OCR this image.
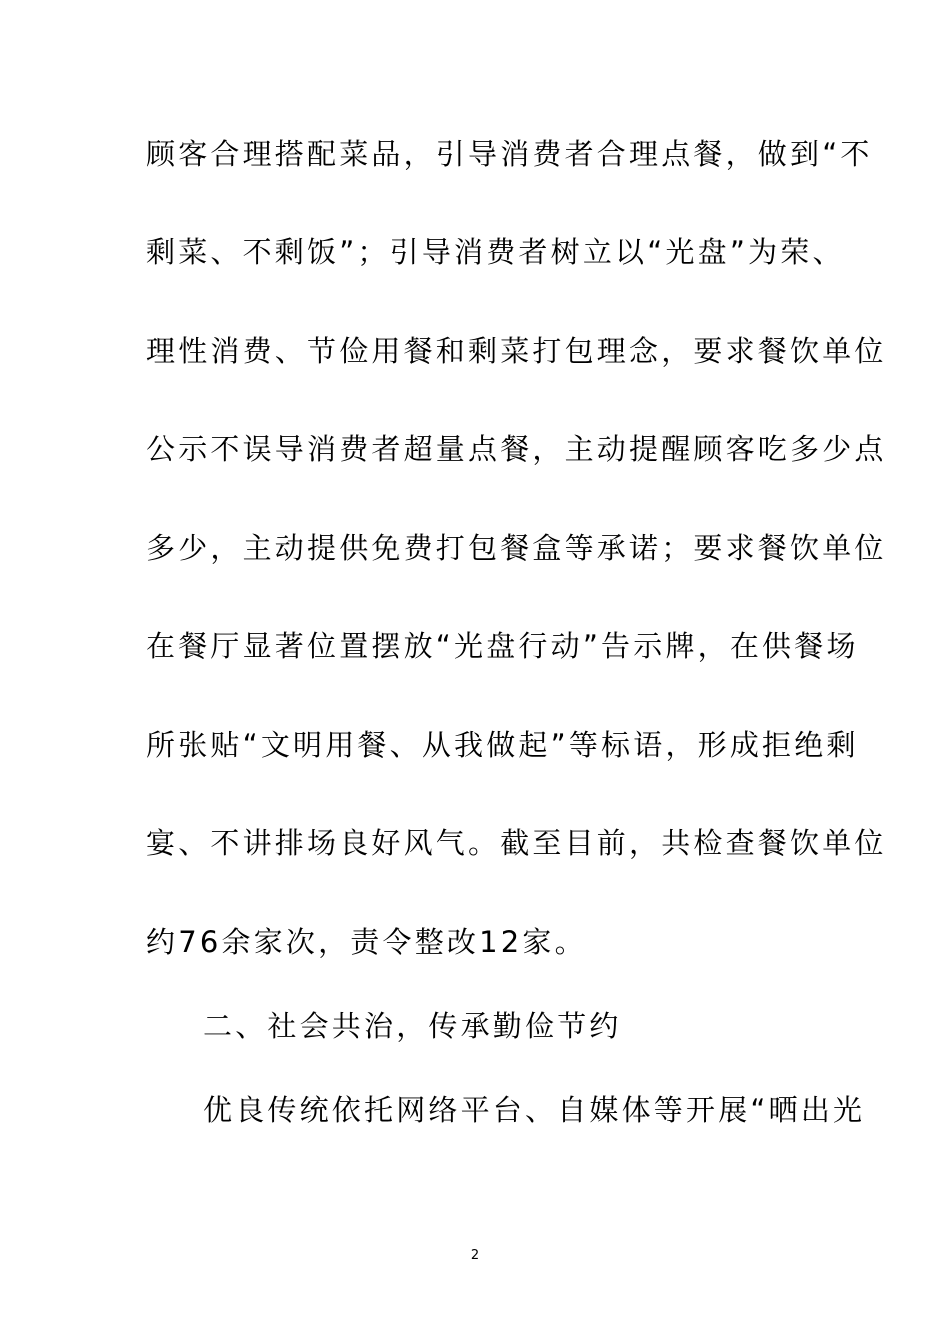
顾客合理搭配菜品，引导消费者合理点餐，做到“不
剩菜、不剩饭”；引导消费者树立以“光盘”为荣、
理性消费、节俭用餐和剩菜打包理念，要求餐饮单位
公示不误导消费者超量点餐，主动提醒顾客吃多少点
多少，主动提供免费打包餐盒等承诺；要求餐饮单位
在餐厅显著位置摆放“光盘行动”告示牌，在供餐场
所张贴“文明用餐、从我做起”等标语，形成拒绝剩
宴、不讲排场良好风气。截至目前，共检查餐饮单位
约76余家次，责令整改12家。
二、社会共治，传承勤俭节约
优良传统依托网络平台、自媒体等开展“晒出光
2
